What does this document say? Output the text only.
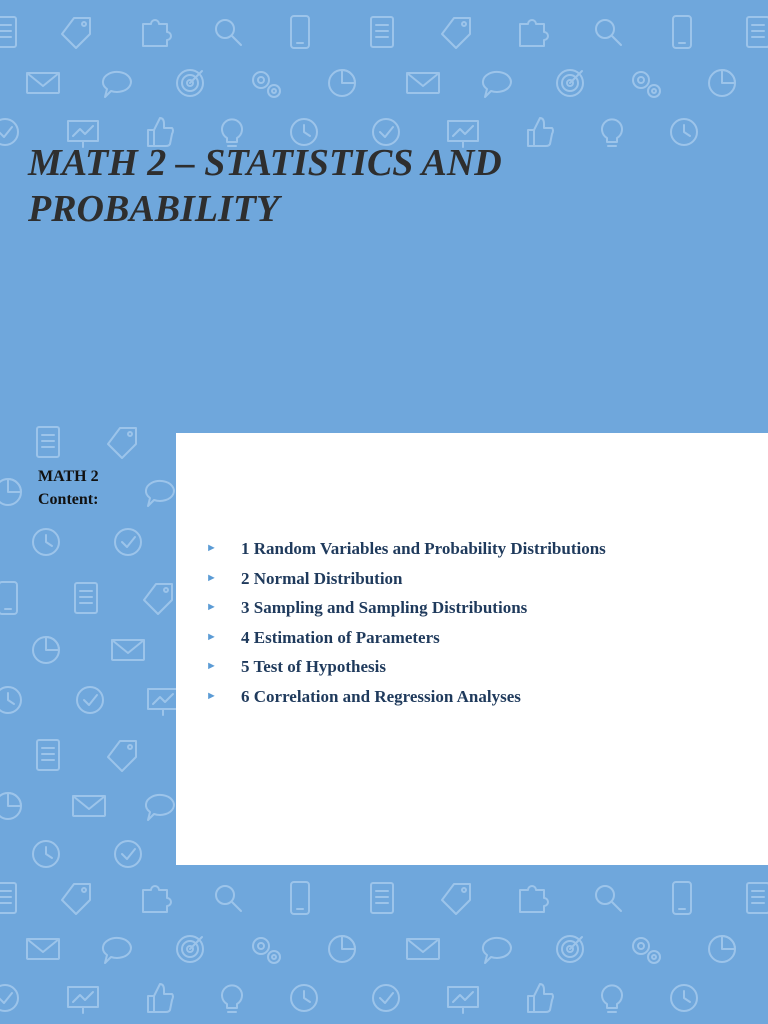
MATH 2 – STATISTICS AND
PROBABILITY
MATH 2
Content:
► 1 Random Variables and Probability Distributions
► 2 Normal Distribution
► 3 Sampling and Sampling Distributions
► 4 Estimation of Parameters
► 5 Test of Hypothesis
► 6 Correlation and Regression Analyses
